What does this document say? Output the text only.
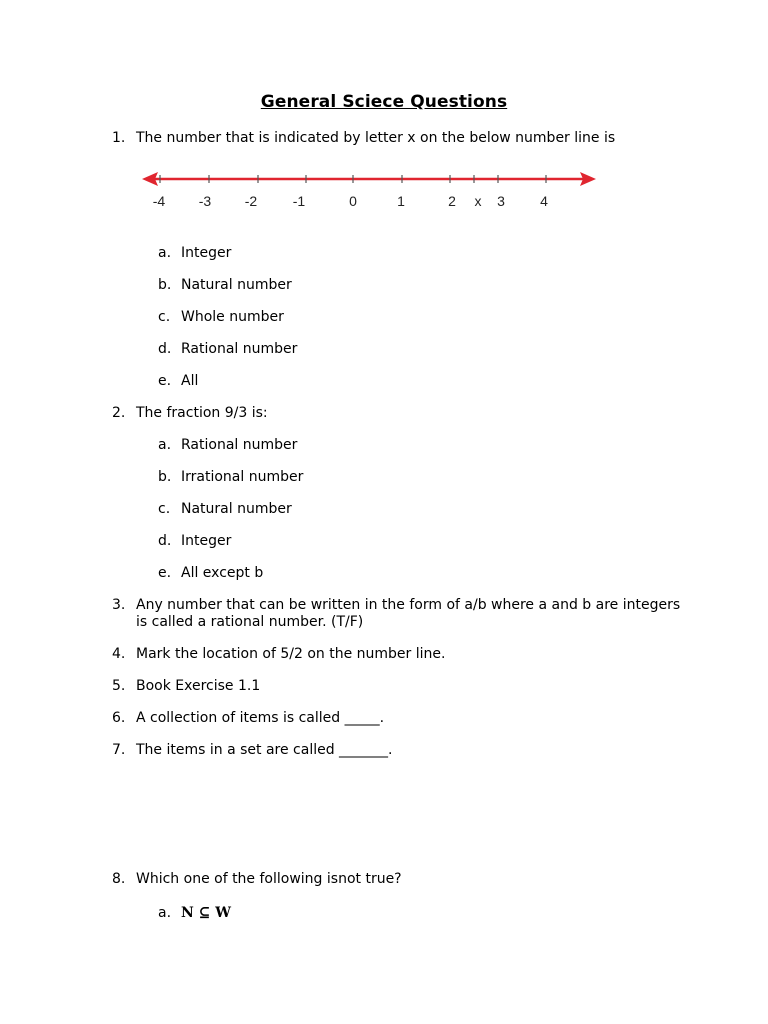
General Sciece Questions
1. The number that is indicated by letter x on the below number line is
-4 -3 -2	-1	0	1	2 x 3	4
a. Integer
b. Natural number
c. Whole number
d. Rational number
e. All
2. The fraction 9/3 is:
a. Rational number
b. Irrational number
c. Natural number
d. Integer
e. All except b
3. Any number that can be written in the form of a/b where a and b are integers is called a rational number. (T/F)
4. Mark the location of 5/2 on the number line.
5. Book Exercise 1.1
6. A collection of items is called _____.
7. The items in a set are called _______.
8. Which one of the following isnot true?
a. N ⊆ W
